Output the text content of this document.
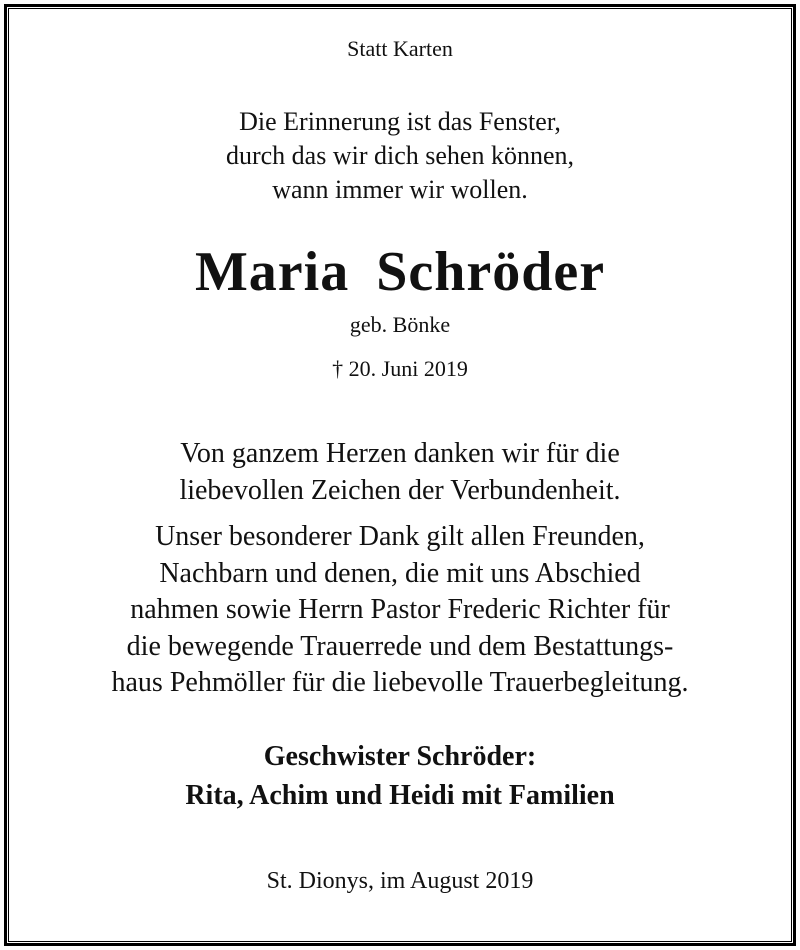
Statt Karten
Die Erinnerung ist das Fenster,
durch das wir dich sehen können,
wann immer wir wollen.
Maria Schröder
geb. Bönke
† 20. Juni 2019
Von ganzem Herzen danken wir für die
liebevollen Zeichen der Verbundenheit.
Unser besonderer Dank gilt allen Freunden,
Nachbarn und denen, die mit uns Abschied
nahmen sowie Herrn Pastor Frederic Richter für
die bewegende Trauerrede und dem Bestattungs-
haus Pehmöller für die liebevolle Trauerbegleitung.
Geschwister Schröder:
Rita, Achim und Heidi mit Familien
St. Dionys, im August 2019
